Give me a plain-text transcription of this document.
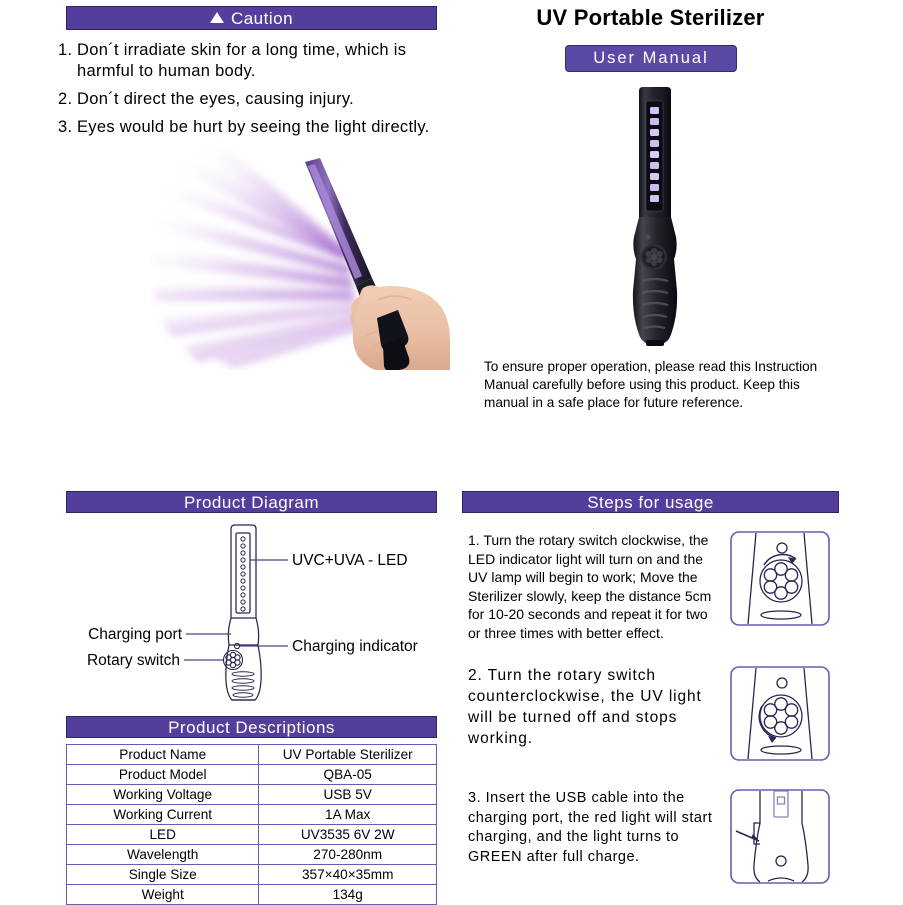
Caution
1. Don´t irradiate skin for a long time, which is harmful to human body.
2. Don´t direct the eyes, causing injury.
3. Eyes would be hurt by seeing the light directly.
UV Portable Sterilizer
User Manual
To ensure proper operation, please read this Instruction Manual carefully before using this product. Keep this manual in a safe place for future reference.
Product Diagram
UVC+UVA - LED
Charging port
Rotary switch
Charging indicator
Product Descriptions
Product Name	UV Portable Sterilizer
Product Model	QBA-05
Working Voltage	USB 5V
Working Current	1A Max
LED	UV3535 6V 2W
Wavelength	270-280nm
Single Size	357×40×35mm
Weight	134g
Steps for usage
1. Turn the rotary switch clockwise, the LED indicator light will turn on and the UV lamp will begin to work; Move the Sterilizer slowly, keep the distance 5cm for 10-20 seconds and repeat it for two or three times with better effect.
2. Turn the rotary switch counterclockwise, the UV light will be turned off and stops working.
3. Insert the USB cable into the charging port, the red light will start charging, and the light turns to GREEN after full charge.
